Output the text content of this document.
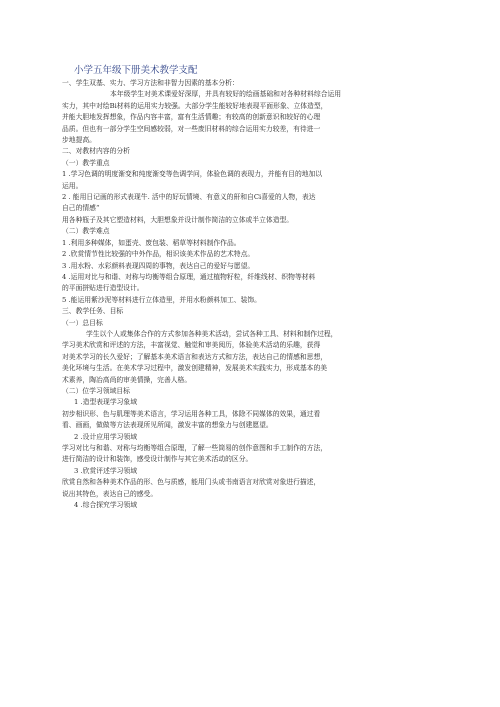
小学五年级下册美术教学支配
一、学生双基、实力、学习方法和非智力因素的基本分析：
本年级学生对美术课爱好深厚，并具有较好的绘画基础和对各种材料综合运用
实力，其中对绘Bi材料的运用实力较强。大部分学生能较好地表现平面形象、立体造型，
并能大胆地发挥想象，作品内容丰富，富有生活情趣；有较高的创新意识和较好的心理
品质。但也有一部分学生空间感较弱，对一些废旧材料的综合运用实力较差，有待进一
步地提高。
二、对教材内容的分析
（一）教学重点
1 .学习色调的明度渐变和纯度渐变等色调学问，体验色调的表现力，并能有目的地加以
运用。
2 . 能用日记画的形式表现牛. 活中的好玩情境、有意义的鼾和自Ci喜爱的人物，表达
自己的情感“
用各种瓶子及其它塑造材料，大胆想象并设计制作简洁的立体或半立体造型。
（二）教学难点
1 .利用多种媒体，如蛋壳、废包装、稻草等材料制作作品。
2 .欣赏情节性比较强的中外作品，相识该美术作品的艺术特点。
3 .用水粉、水彩颜料表现四周的事物，表达自己的爱好与愿望。
4 .运用对比与和谐、对称与均衡等组合原理，通过植物籽粒，纤维线材、织物等材料
的平面拼贴进行造型设计。
5 .能运用紫沙泥等材料进行立体造里，并用水粉颜料加工、装饰。
三、教学任务、目标
（一）总目标
学生以个人或集体合作的方式参加各种美术活动，尝试各种工具、材料和制作过程，
学习美术欣赏和评述的方法，丰富视觉、触觉和审美阅历，体验美术活动的乐趣，获得
对美术学习的长久爱好；了解基本美术语言和表达方式和方法，表达自己的情感和思想，
美化环境与生活。在美术学习过程中，激发创建精神，发展美术实践实力，形成基本的美
术素养，陶冶高尚的审美情操，完善人格。
（二）位学习领域目标
1 .造型表现学习象域
初步相识形、色与肌理等美术语言，学习运用各种工具，体除不同媒体的效果，通过看
看、画画，做做等方法表现所见所闻，激发丰富的想象力与创建愿望。
2 .设计应用学习领域
学习对比与和谐、对称与均衡等组合原理，了解一些筒易的创作意图和手工制作的方法，
进行简洁的设计和装饰，感受设计制作与其它美术活动的区分。
3 .欣赏评述学习领域
欣赏自然和各种美术作品的形、色与质感，能用门头或书南语言对欣赏对象进行描述，
说出其特色，表达自己的感受。
4 .综合探究学习领域
